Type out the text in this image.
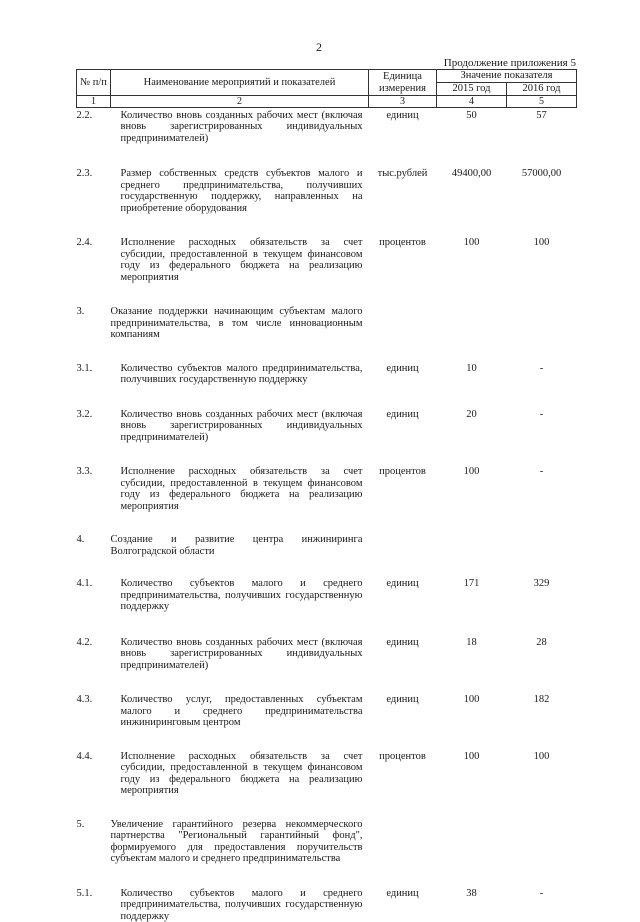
2
Продолжение приложения 5
№ п/п	Наименование мероприятий и показателей	Единица измерения	Значение показателя	
			2015 год	2016 год
1	2	3	4	5

2.2.	Количество вновь созданных рабочих мест (включая вновь зарегистрированных индивидуальных предпринимателей)	единиц	50	57

2.3.	Размер собственных средств субъектов малого и среднего предпринимательства, получивших государственную поддержку, направленных на приобретение оборудования	тыс.рублей	49400,00	57000,00

2.4.	Исполнение расходных обязательств за счет субсидии, предоставленной в текущем финансовом году из федерального бюджета на реализацию мероприятия	процентов	100	100

3.	Оказание поддержки начинающим субъектам малого предпринимательства, в том числе инновационным компаниям			

3.1.	Количество субъектов малого предпринимательства, получивших государственную поддержку	единиц	10	-

3.2.	Количество вновь созданных рабочих мест (включая вновь зарегистрированных индивидуальных предпринимателей)	единиц	20	-

3.3.	Исполнение расходных обязательств за счет субсидии, предоставленной в текущем финансовом году из федерального бюджета на реализацию мероприятия	процентов	100	-

4.	Создание и развитие центра инжиниринга Волгоградской области			

4.1.	Количество субъектов малого и среднего предпринимательства, получивших государственную поддержку	единиц	171	329

4.2.	Количество вновь созданных рабочих мест (включая вновь зарегистрированных индивидуальных предпринимателей)	единиц	18	28

4.3.	Количество услуг, предоставленных субъектам малого и среднего предпринимательства инжиниринговым центром	единиц	100	182

4.4.	Исполнение расходных обязательств за счет субсидии, предоставленной в текущем финансовом году из федерального бюджета на реализацию мероприятия	процентов	100	100

5.	Увеличение гарантийного резерва некоммерческого партнерства "Региональный гарантийный фонд", формируемого для предоставления поручительств субъектам малого и среднего предпринимательства			

5.1.	Количество субъектов малого и среднего предпринимательства, получивших государственную поддержку	единиц	38	-
